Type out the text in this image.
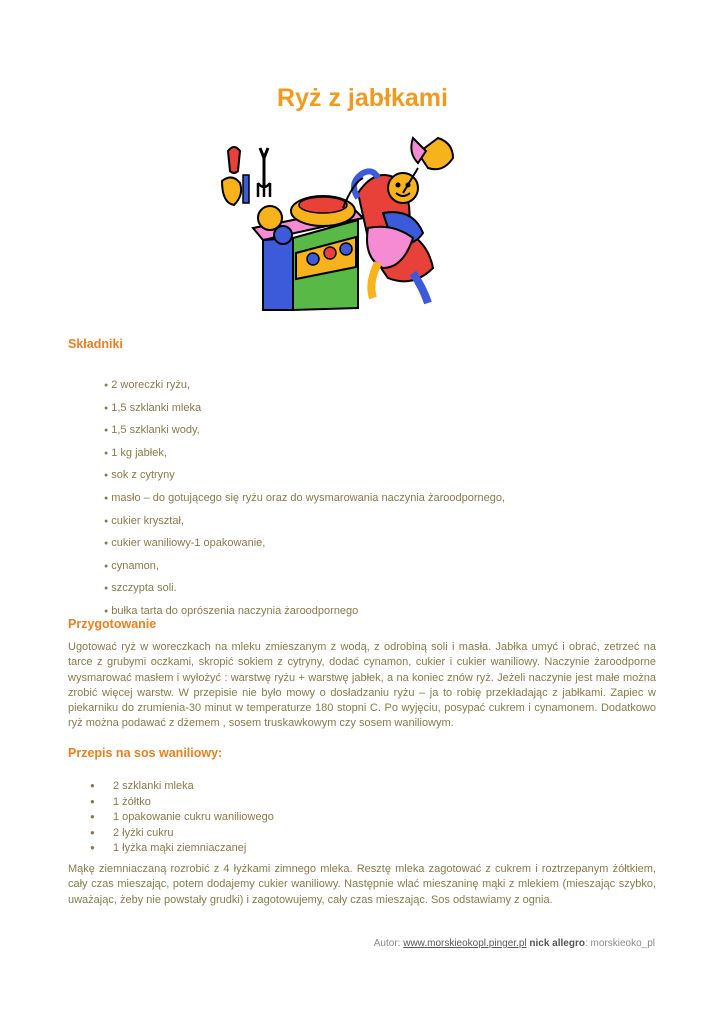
Ryż z jabłkami
Składniki
● 2 woreczki ryżu,
● 1,5 szklanki mleka
● 1,5 szklanki wody,
● 1 kg jabłek,
● sok z cytryny
● masło – do gotującego się ryżu oraz do wysmarowania naczynia żaroodpornego,
● cukier kryształ,
● cukier waniliowy-1 opakowanie,
● cynamon,
● szczypta soli.
● bułka tarta do oprószenia naczynia żaroodpornego
Przygotowanie

Ugotować ryż w woreczkach na mleku zmieszanym z wodą, z odrobiną soli i masła. Jabłka umyć i obrać, zetrzeć na tarce z grubymi oczkami, skropić sokiem z cytryny, dodać cynamon, cukier i cukier waniliowy. Naczynie żaroodporne wysmarować masłem i wyłożyć : warstwę ryżu + warstwę jabłek, a na koniec znów ryż. Jeżeli naczynie jest małe można zrobić więcej warstw. W przepisie nie było mowy o dosładzaniu ryżu – ja to robię przekładając z jabłkami. Zapiec w piekarniku do zrumienia-30 minut w temperaturze 180 stopni C. Po wyjęciu, posypać cukrem i cynamonem. Dodatkowo ryż można podawać z dżemem , sosem truskawkowym czy sosem waniliowym.

Przepis na sos waniliowy:
● 2 szklanki mleka
● 1 żółtko
● 1 opakowanie cukru waniliowego
● 2 łyżki cukru
● 1 łyżka mąki ziemniaczanej

Mąkę ziemniaczaną rozrobić z 4 łyżkami zimnego mleka. Resztę mleka zagotować z cukrem i roztrzepanym żółtkiem, cały czas mieszając, potem dodajemy cukier waniliowy. Następnie wlać mieszaninę mąki z mlekiem (mieszając szybko, uważając, żeby nie powstały grudki) i zagotowujemy, cały czas mieszając. Sos odstawiamy z ognia.

Autor: www.morskieokopl.pinger.pl nick allegro: morskieoko_pl
